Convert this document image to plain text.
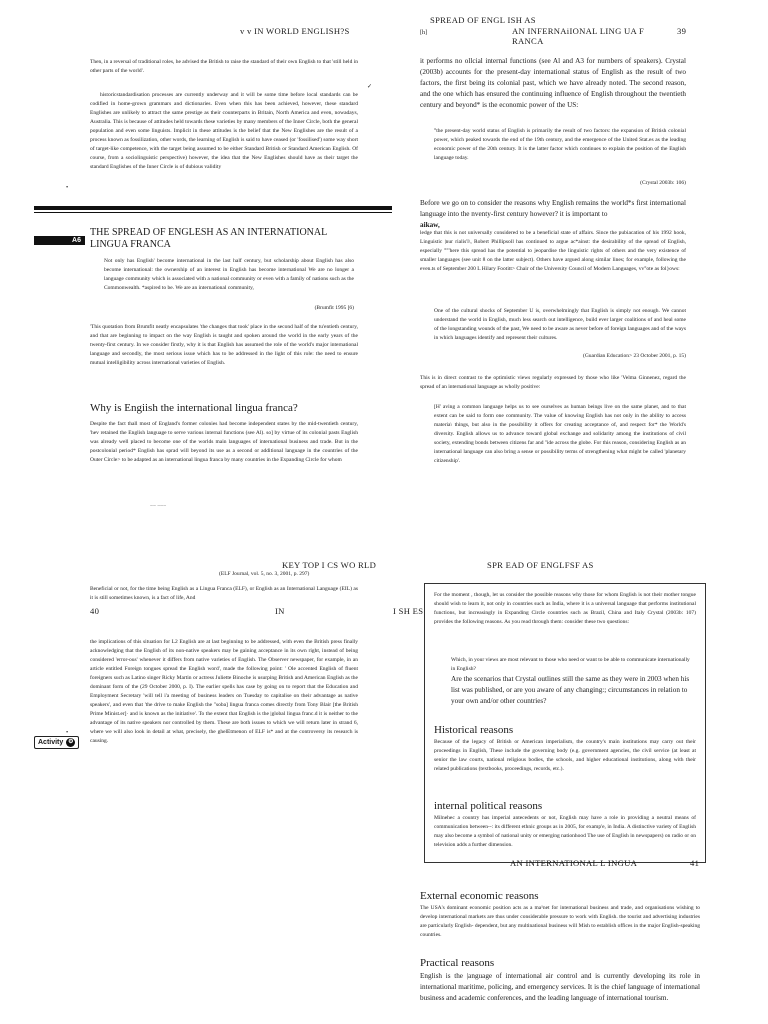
v v IN WORLD ENGLISH?S

Then, in a reversal of traditional roles, he advised the British to raise the standard of their own English to that 'still held in other parts of the world'.

✓

historicstandardisation processes are currently underway and it will be some time before local standards can be codified in home-grown grammars and dictionaries. Even when this has been achieved, however, these standard Englishes are unlikely to attract the same prestige as their counterparts in Britain, North America and even, nowadays, Australia. This is because of attitudes held towards these varieties by many members of the Inner Circle, both the general population and even some linguists. Implicit in these attitudes is the belief that the New Englishes are the result of a process known as fossilization, other words, the learning of English is said to have ceased (or 'fossilised') some way short of target-like competence, with the target being assumed to be either Standard British or Standard American English. Of course, from a sociolinguistic perspective) however, the idea that the New Englishes should have as their target the standard Englishes of the Inner Circle is of dubious validity

•
A6
THE SPREAD OF ENGLESH AS AN INTERNATIONAL LINGUA FRANCA

Not only has English' become international in the last half century, but scholarship about English has also become international: the ownership of an interest in English has become international We are no longer a language community which is associated with a national community or even with a family of nations such as the Commonwealth. *aspired to be. We are an international community,

(Brumfit 1995 [6)

'This quotation from Brumfit neatly encapsulates 'the changes that took' place in the second half of the tu'entieth century, and that are beginning to impact on the way English is taught and spoken around the world in the early years of the twenty-first century. In we consider firstly, why it is that English has assumed the role of the world's major international language and secondly, the most serious issue which has to be addressed in the light of this role: the need to ensure mutual intelligibility across international varieties of English.

Why is Engiish the international lingua franca?

Despite the fact thall most of England's former colonies had become independent states by the mid-twentieth century, 'hev retained the English language to serve various internal functions (see Al). so] by virtue of its colonial pasts English was already well placed to become one of the worlds main languages of international business and trade. But in the postcolonial period* English has sprad will beyond its use as a second or additional language in the countries of the Outer Circle> to be adapted as an international lingua franca by many countries in the Expanding Circle for whom

~~ ~~~
SPREAD OF ENGL ISH AS
[h]	AN INFERNAiIONAL LING UA F RANCA
39

it performs no ollcial internal functions (see Al and A3 for nurnbers of speakers). Crystal (2003b) accounts for the present-day international status of English as the result of two factors, the first being its colonial past, which we have already noted. The second reason, and the one which has ensured the continuing influence of English throughout the twentieth century and beyond* is the economic power of the US:

°the present-day world status of English is primarily the result of two factors: the expansion of British colonial power, which peaked towards the end of the 19th century, and the emergence of the United Stat.es as the leading economic power of the 20th century. It is the latter factor which continues to explain the position of the English language today.

(Crystal 2003b: 106)

Before we go on to consider the reasons why English remains the world*s first international language into the nventy-first century however? it is important to

aikaw,

ledge that this is not universally considered to be a beneficial state of affairs. Since the pubiacation of his 1992 hook, Linguistic |nur rialis'l\, Robert Phillipsoll has continued to argue ac*ainst: the desirability of the spread of English, especially °°'here this spread has the potential to jeopardise the linguistic rights of others and the very existence of smaller languages (see unit 8 on the latter subject). Others have argued along similar lines; for example, following the even.ts of September 200 L Hilary Footitt> Chair of the University Council of Modern Languages, vv°ote as fol}ows:

One of the cultural shocks of September U is, overwhelmingly that English is simply not enough. We cannot understand the world in English, much less search out intelligence, build ever larger coalitions of and heal some of the longstanding wounds of the past, We need to be aware as never before of foreign languages and of the ways in which languages identify and represent their cultures.

(Guardian Education> 23 October 2001, p. 15)

This is in direct contrast to the optimistic views regularly expressed by those who like 'Velma Ginnenez, regard the spread of an international language as wholly positive:

[H' aving a common language helps us to see ourselves as human beings live on the same planet, and to that extent can be said to form one community. The value of knowing English has not only in the ability to access materia\ things, but also in the possibility it offers for creating acceptance of, and respect for* the World's diversity. English allows us to advance toward global exchange and solidarity among the institutions of civil society, extending bonds between citizens far and ''ide across the globe. For this reason, considering English as an international language can also bring a sense or possibility terms of strengthening what might be called 'planetary citizenship'.

KEY TOP I CS WO RLD
(ELF Journal, vol. 5, no. 3, 2001, p. 297)

Beneficial or not, for the time being English as a Lingua Franca (ELF), or English as an International Language (EIL) as it is still sometimes known, is a fact of life, And

40	IN	I SH ES

the implications of this situation for L2 English are at last beginning to be addressed, with even the British press finally acknowledging that the English of its non-native speakers may be gaining acceptance in its own right, instead of being considered 'error-ous' whenever it differs from native varieties of English. The Observer newspaper, for example, in an article entitled Foreign tongues spread the English word', made the following point: ' Ole accented English of fluent foreigners such as Latino singer Ricky Martin or actress Juliette Binoche is usurping British and American English as the dominant form of the (29 October 2000, p. I). The earlier spells has case by going on to report that the Education and Employment Secretary 'will tell i'a meeting of business leaders on Tuesday to capitalise on their advantage as native speakers', and even that 'the drive to make English the "soba] lingua franca comes directly from Tony Blair [the British Prime Minist.er]· and is known as the initiative'. To the extent that English is the |global lingua franc.d it is neither to the advantage of its native speakers nor controlled by them. These are both issues to which we will return later in strand 6, where we will also look in detail at what, precisely, the ghelEtmenon of ELF is* and at the controversy its research is causing.

•
Activity ⚙
SPR EAD OF ENGLFSF AS

For the moment , though, let us consider the possible reasons why those for whom English is not their mother tongue should wish to learn it, not only in countries such as India, where it is a universal language that performs institutional functions, but increasingly in Expanding Circle countries such as Brazil, China and Italy Crystal (2003b: 107) provides the following reasons. As you read through them: consider these two questions:

Which, in your views are most relevant to those who need or want to be able to communicate internationally in English?

Are the scenarios that Crystal outlines still the same as they were in 2003 when his list was published, or are you aware of any changing:; circumstances in relation to your own and/or other countries?

Historical reasons

Because of the legacy of British or American imperialism, the country's main institutions may carry out their proceedings in English, These include the governing body (e.g. government agencies, the civil service (at least at senior the law courts, national religious bodies, the schools, and higher educational institutions, along with their related publications (textbooks, proceedings, records, etc.).

internal political reasons

Milnehec a country has imperial antecedents or not, English may have a role in providing a neutral means of communication between--: its different ethnic groups as in 2005, for examp'e, in India. A distinctive variety of English may also become a symbol of national unity or emerging nationhood The use of English in newspapers) on radio or on television adds a further dimension.

AN INTERNATIONAL L INGUA	41
External economic reasons

The USA's dominant economic position acts as a ma¹net for international business and trade, and organisations wishing to develop international markets are thus under considerable pressure to work with English. the tourist and advertising industries are particularly English- dependent, but any multinational business will Mish to establish offices in the major English-speaking countries.

Practical reasons

English is the |anguage of international air control and is currently developing its role in international maritime, policing, and emergency services. It is the chief language of international business and academic conferences, and the leading language of international tourism.
